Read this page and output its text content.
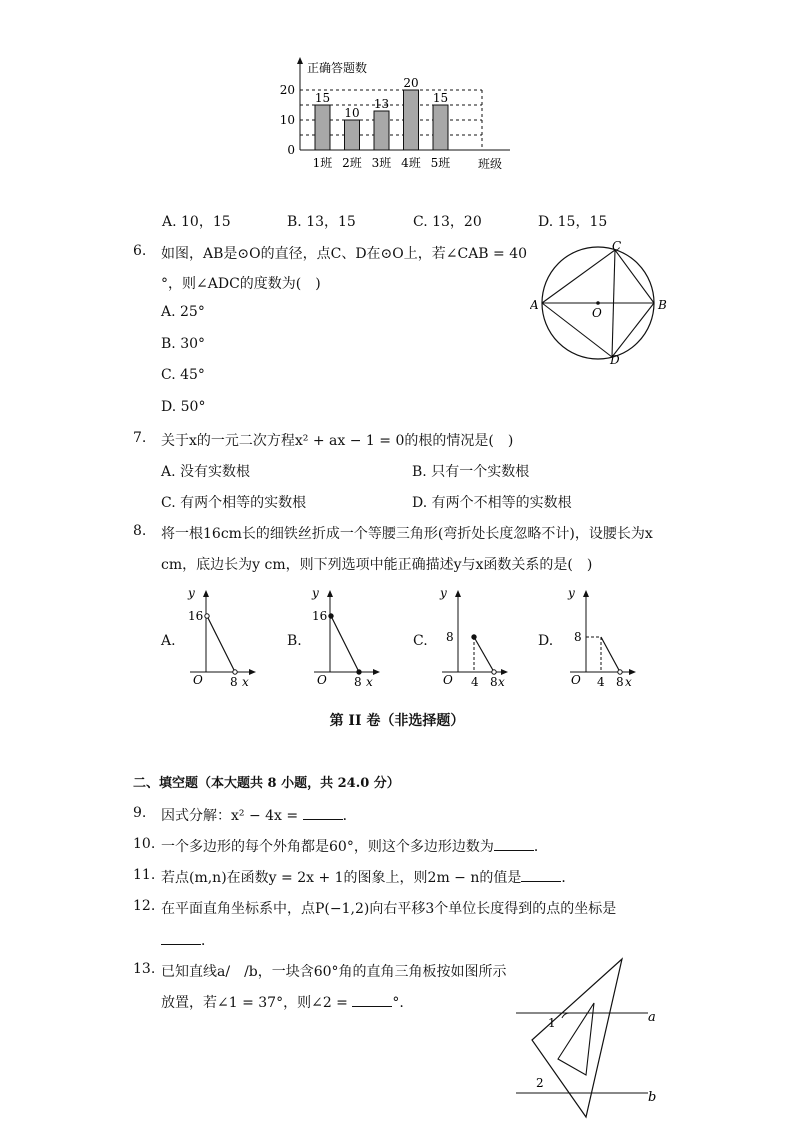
正确答题数
0
10
20
15
1班
10
2班
13
3班
20
4班
15
5班 班级
A. 10，15	B. 13，15	C. 13，20	D. 15，15
6. 如图，AB是⊙O的直径，点C、D在⊙O上，若∠CAB = 40
°，则∠ADC的度数为(　)
A. 25°
B. 30°
C. 45°
D. 50°
A	B
C
D
O
7. 关于x的一元二次方程x² + ax − 1 = 0的根的情况是(　)
A. 没有实数根	B. 只有一个实数根
C. 有两个相等的实数根	D. 有两个不相等的实数根
8. 将一根16cm长的细铁丝折成一个等腰三角形(弯折处长度忽略不计)，设腰长为x
cm，底边长为y cm，则下列选项中能正确描述y与x函数关系的是(　)
A.
y
16
O 8 x
B.
y
16
O 8 x
C.
y
8
O 4 8 x
D.
y
8
O 4 8 x
第 II 卷（非选择题）
二、填空题（本大题共 8 小题，共 24.0 分）
9. 因式分解：x² − 4x =	．
10. 一个多边形的每个外角都是60°，则这个多边形边数为	．
11. 若点(m,n)在函数y = 2x + 1的图象上，则2m − n的值是	．
12. 在平面直角坐标系中，点P(−1,2)向右平移3个单位长度得到的点的坐标是
．
13. 已知直线a/　/b，一块含60°角的直角三角板按如图所示
放置，若∠1 = 37°，则∠2 =	°.
a
b
1
2
